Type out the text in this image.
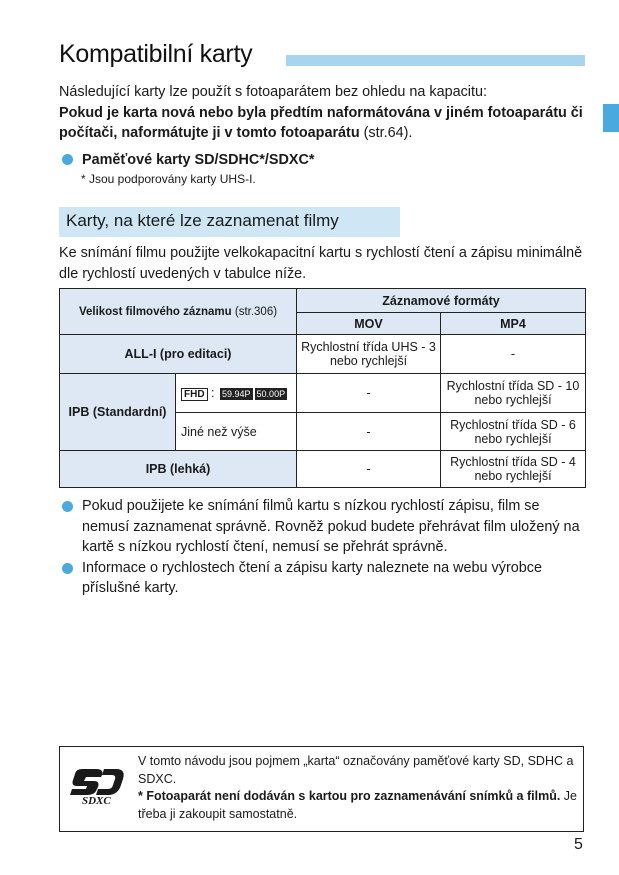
Kompatibilní karty
Následující karty lze použít s fotoaparátem bez ohledu na kapacitu:
Pokud je karta nová nebo byla předtím naformátována v jiném fotoaparátu či počítači, naformátujte ji v tomto fotoaparátu (str.64).
Paměťové karty SD/SDHC*/SDXC*
* Jsou podporovány karty UHS-I.
Karty, na které lze zaznamenat filmy
Ke snímání filmu použijte velkokapacitní kartu s rychlostí čtení a zápisu minimálně dle rychlostí uvedených v tabulce níže.
Velikost filmového záznamu (str.306)		Záznamové formáty	
		MOV	MP4
ALL-I (pro editaci)		Rychlostní třída UHS - 3 nebo rychlejší	-
IPB (Standardní)	FHD : 59.94P 50.00P	-	Rychlostní třída SD - 10 nebo rychlejší
	Jiné než výše	-	Rychlostní třída SD - 6 nebo rychlejší
IPB (lehká)		-	Rychlostní třída SD - 4 nebo rychlejší
Pokud použijete ke snímání filmů kartu s nízkou rychlostí zápisu, film se nemusí zaznamenat správně. Rovněž pokud budete přehrávat film uložený na kartě s nízkou rychlostí čtení, nemusí se přehrát správně.
Informace o rychlostech čtení a zápisu karty naleznete na webu výrobce příslušné karty.
SDXC
V tomto návodu jsou pojmem „karta“ označovány paměťové karty SD, SDHC a SDXC.
* Fotoaparát není dodáván s kartou pro zaznamenávání snímků a filmů. Je třeba ji zakoupit samostatně.
5
